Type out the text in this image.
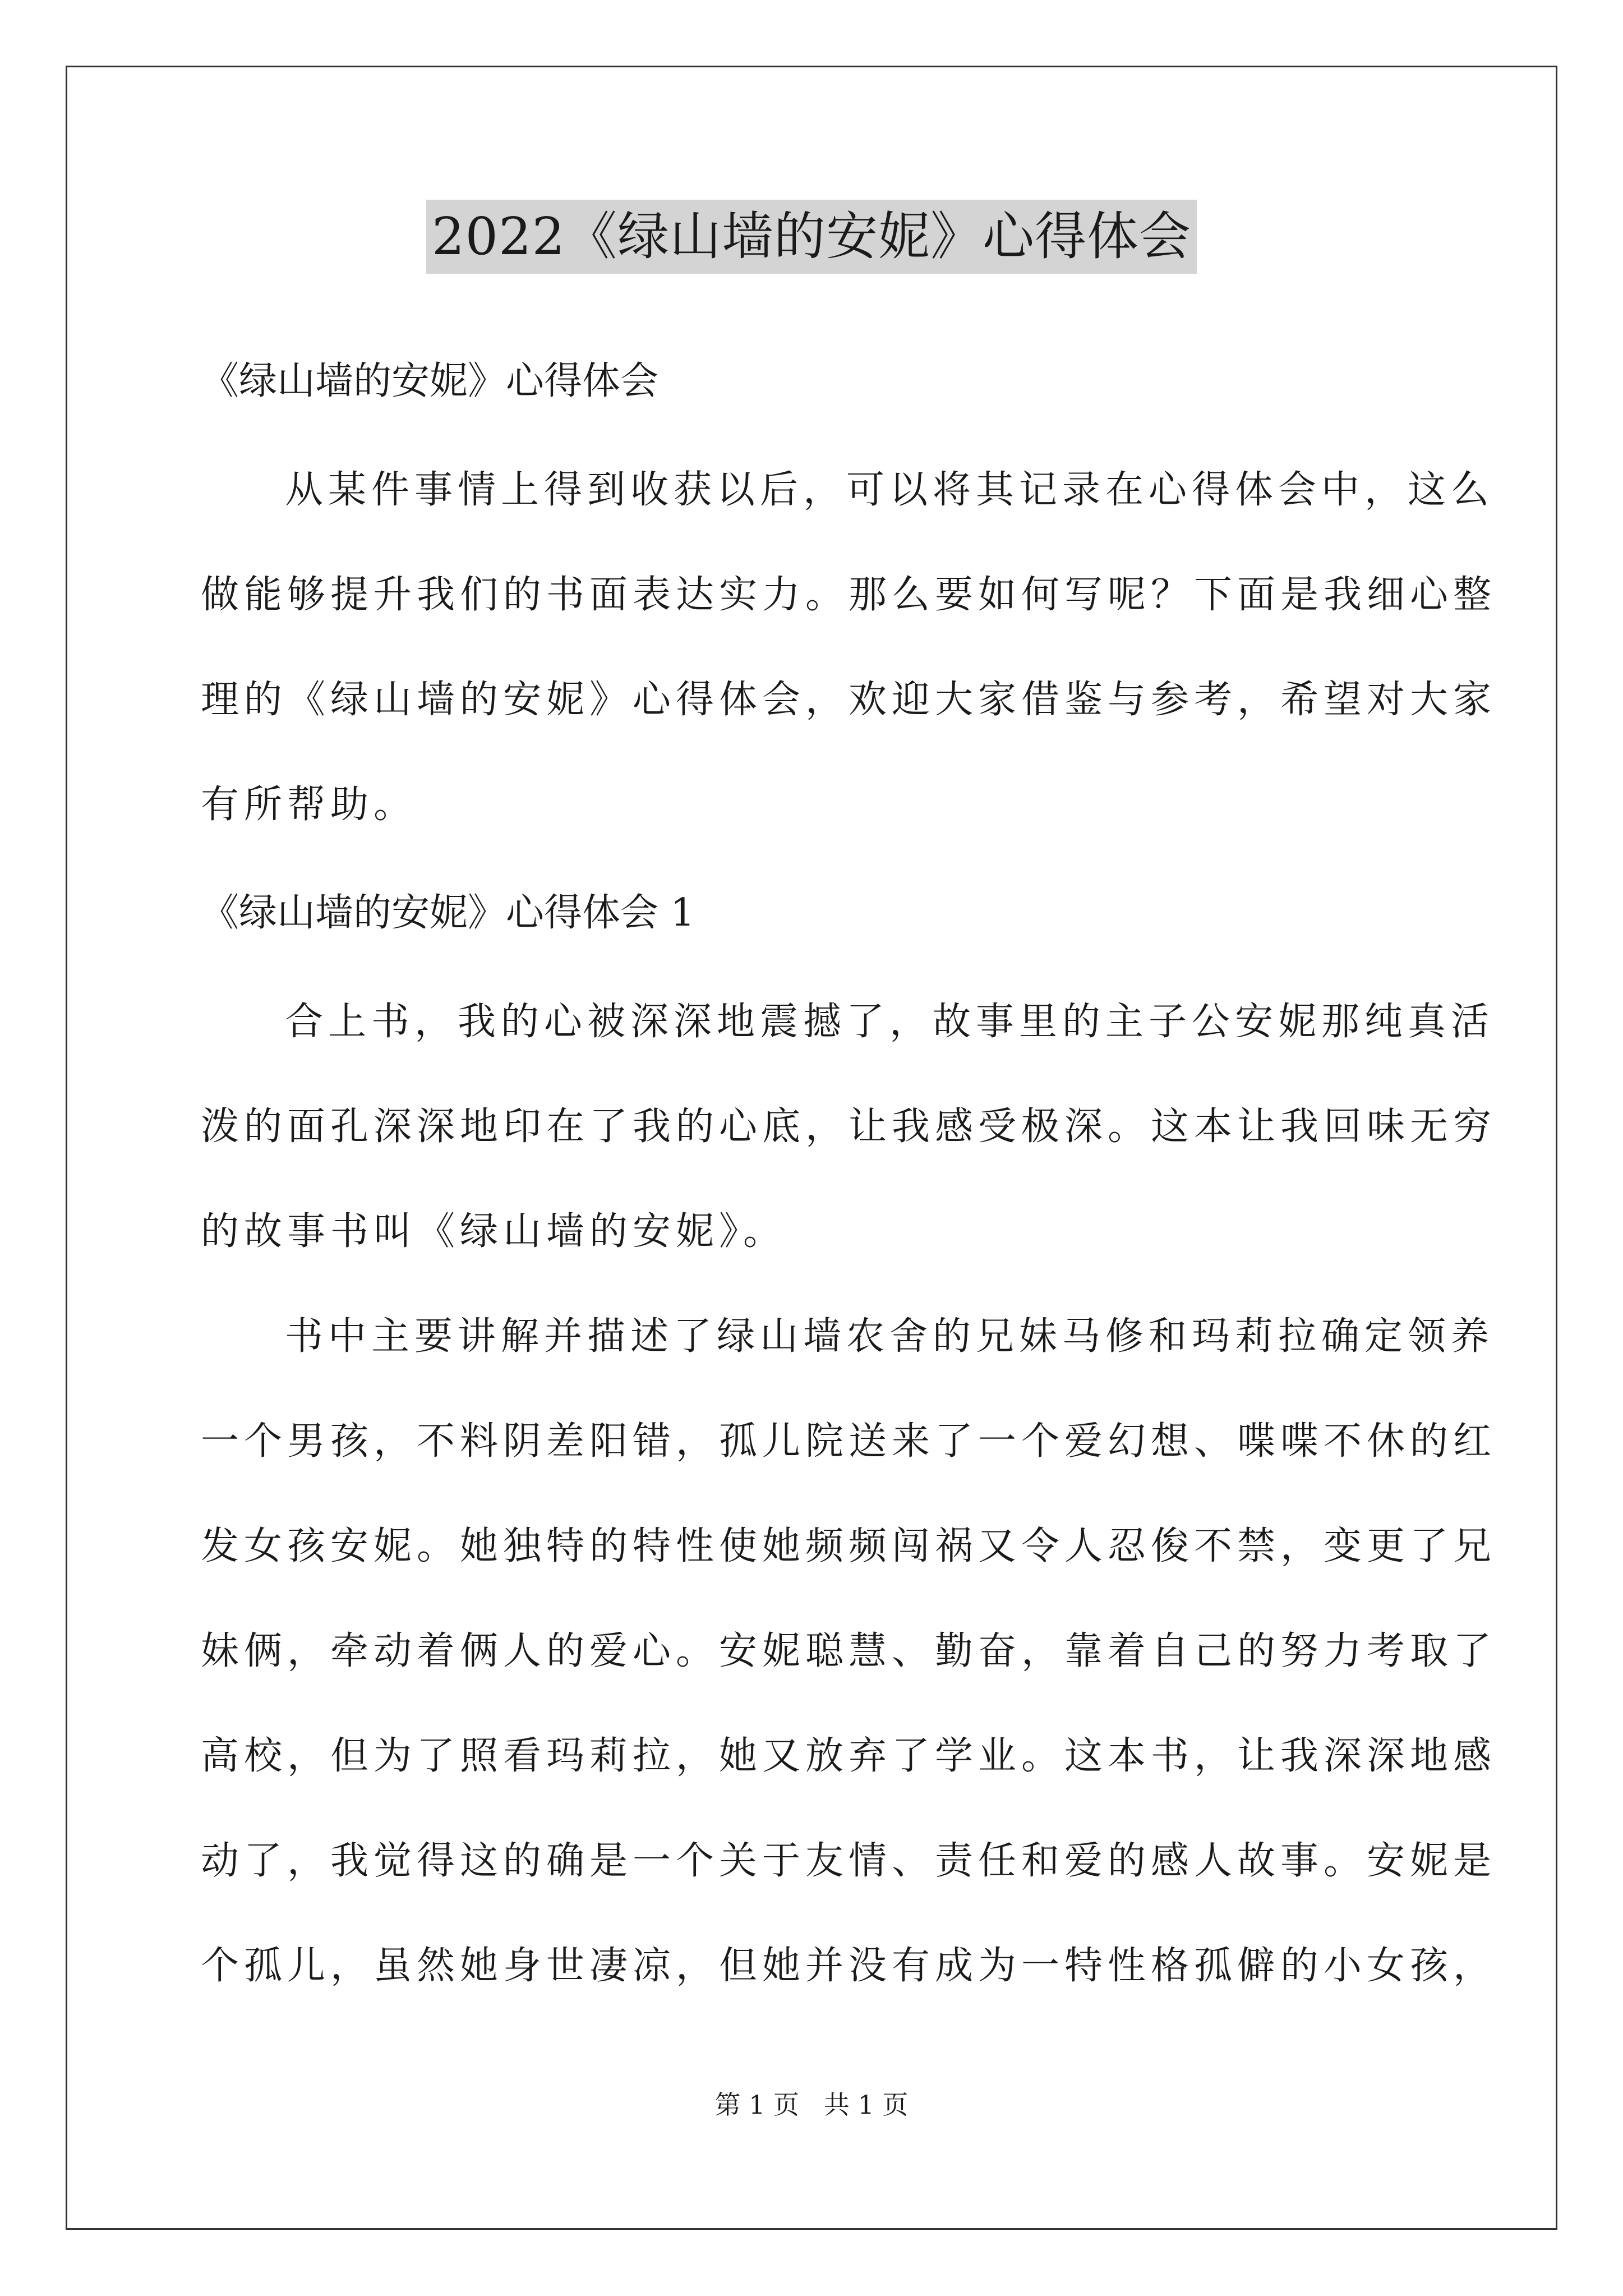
2022《绿山墙的安妮》心得体会
《绿山墙的安妮》心得体会

从某件事情上得到收获以后，可以将其记录在心得体会中，这么
做能够提升我们的书面表达实力。那么要如何写呢？下面是我细心整
理的《绿山墙的安妮》心得体会，欢迎大家借鉴与参考，希望对大家
有所帮助。

《绿山墙的安妮》心得体会 1

合上书，我的心被深深地震撼了，故事里的主子公安妮那纯真活
泼的面孔深深地印在了我的心底，让我感受极深。这本让我回味无穷
的故事书叫《绿山墙的安妮》。

书中主要讲解并描述了绿山墙农舍的兄妹马修和玛莉拉确定领养
一个男孩，不料阴差阳错，孤儿院送来了一个爱幻想、喋喋不休的红
发女孩安妮。她独特的特性使她频频闯祸又令人忍俊不禁，变更了兄
妹俩，牵动着俩人的爱心。安妮聪慧、勤奋，靠着自己的努力考取了
高校，但为了照看玛莉拉，她又放弃了学业。这本书，让我深深地感
动了，我觉得这的确是一个关于友情、责任和爱的感人故事。安妮是
个孤儿，虽然她身世凄凉，但她并没有成为一特性格孤僻的小女孩，

第 1 页   共 1 页
